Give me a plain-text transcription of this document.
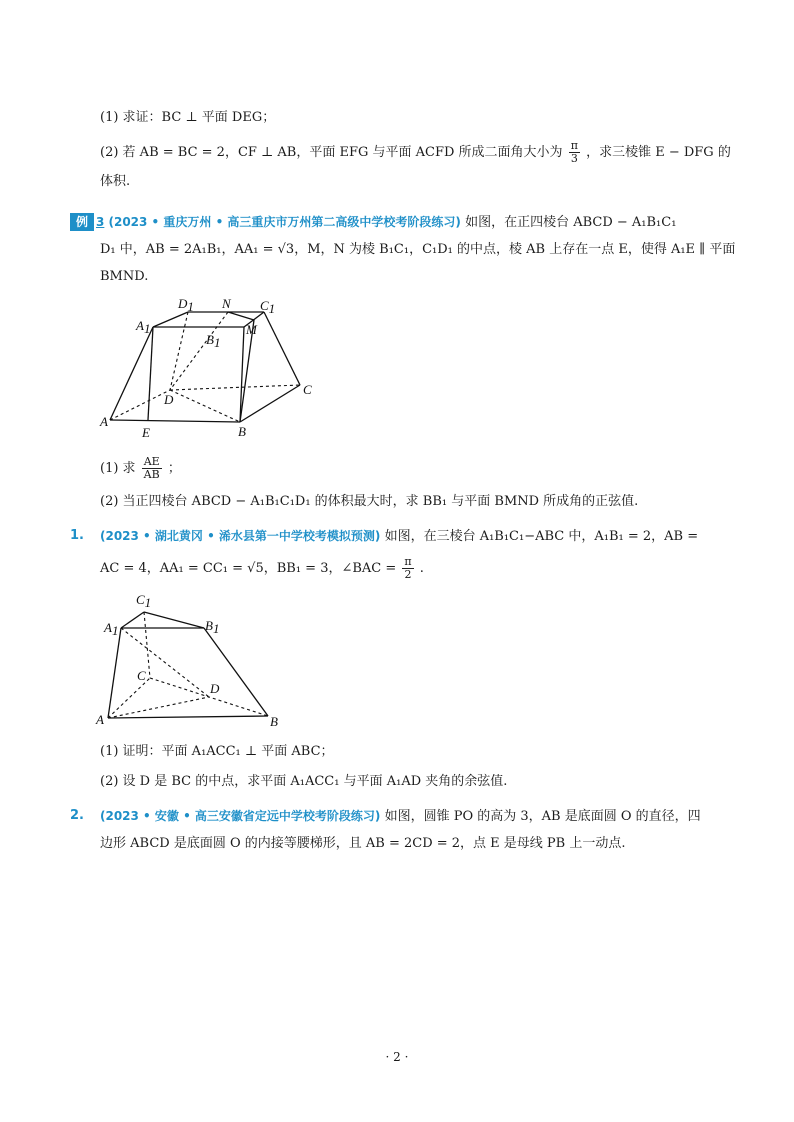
(1) 求证：BC ⊥ 平面 DEG；
(2) 若 AB = BC = 2，CF ⊥ AB，平面 EFG 与平面 ACFD 所成二面角大小为 $\frac{\pi}{3}$ ，求三棱锥 E − DFG 的
体积.
例 3 (2023 • 重庆万州 • 高三重庆市万州第二高级中学校考阶段练习) 如图，在正四棱台 ABCD − A₁B₁C₁
D₁ 中，AB = 2A₁B₁，AA₁ = √3，M，N 为棱 B₁C₁，C₁D₁ 的中点，棱 AB 上存在一点 E，使得 A₁E ∥ 平面
BMND.
D1 N C1
M
A1
B1
D
C
A
E	B
(1) 求 $\frac{AE}{AB}$ ；
(2) 当正四棱台 ABCD − A₁B₁C₁D₁ 的体积最大时，求 BB₁ 与平面 BMND 所成角的正弦值.
1. (2023 • 湖北黄冈 • 浠水县第一中学校考模拟预测) 如图，在三棱台 A₁B₁C₁−ABC 中，A₁B₁ = 2，AB =
AC = 4，AA₁ = CC₁ = √5，BB₁ = 3，∠BAC = $\frac{\pi}{2}$ .
C1
A1	B1
C
D
A	B
(1) 证明：平面 A₁ACC₁ ⊥ 平面 ABC；
(2) 设 D 是 BC 的中点，求平面 A₁ACC₁ 与平面 A₁AD 夹角的余弦值.
2. (2023 • 安徽 • 高三安徽省定远中学校考阶段练习) 如图，圆锥 PO 的高为 3，AB 是底面圆 O 的直径，四
边形 ABCD 是底面圆 O 的内接等腰梯形，且 AB = 2CD = 2，点 E 是母线 PB 上一动点.
· 2 ·
